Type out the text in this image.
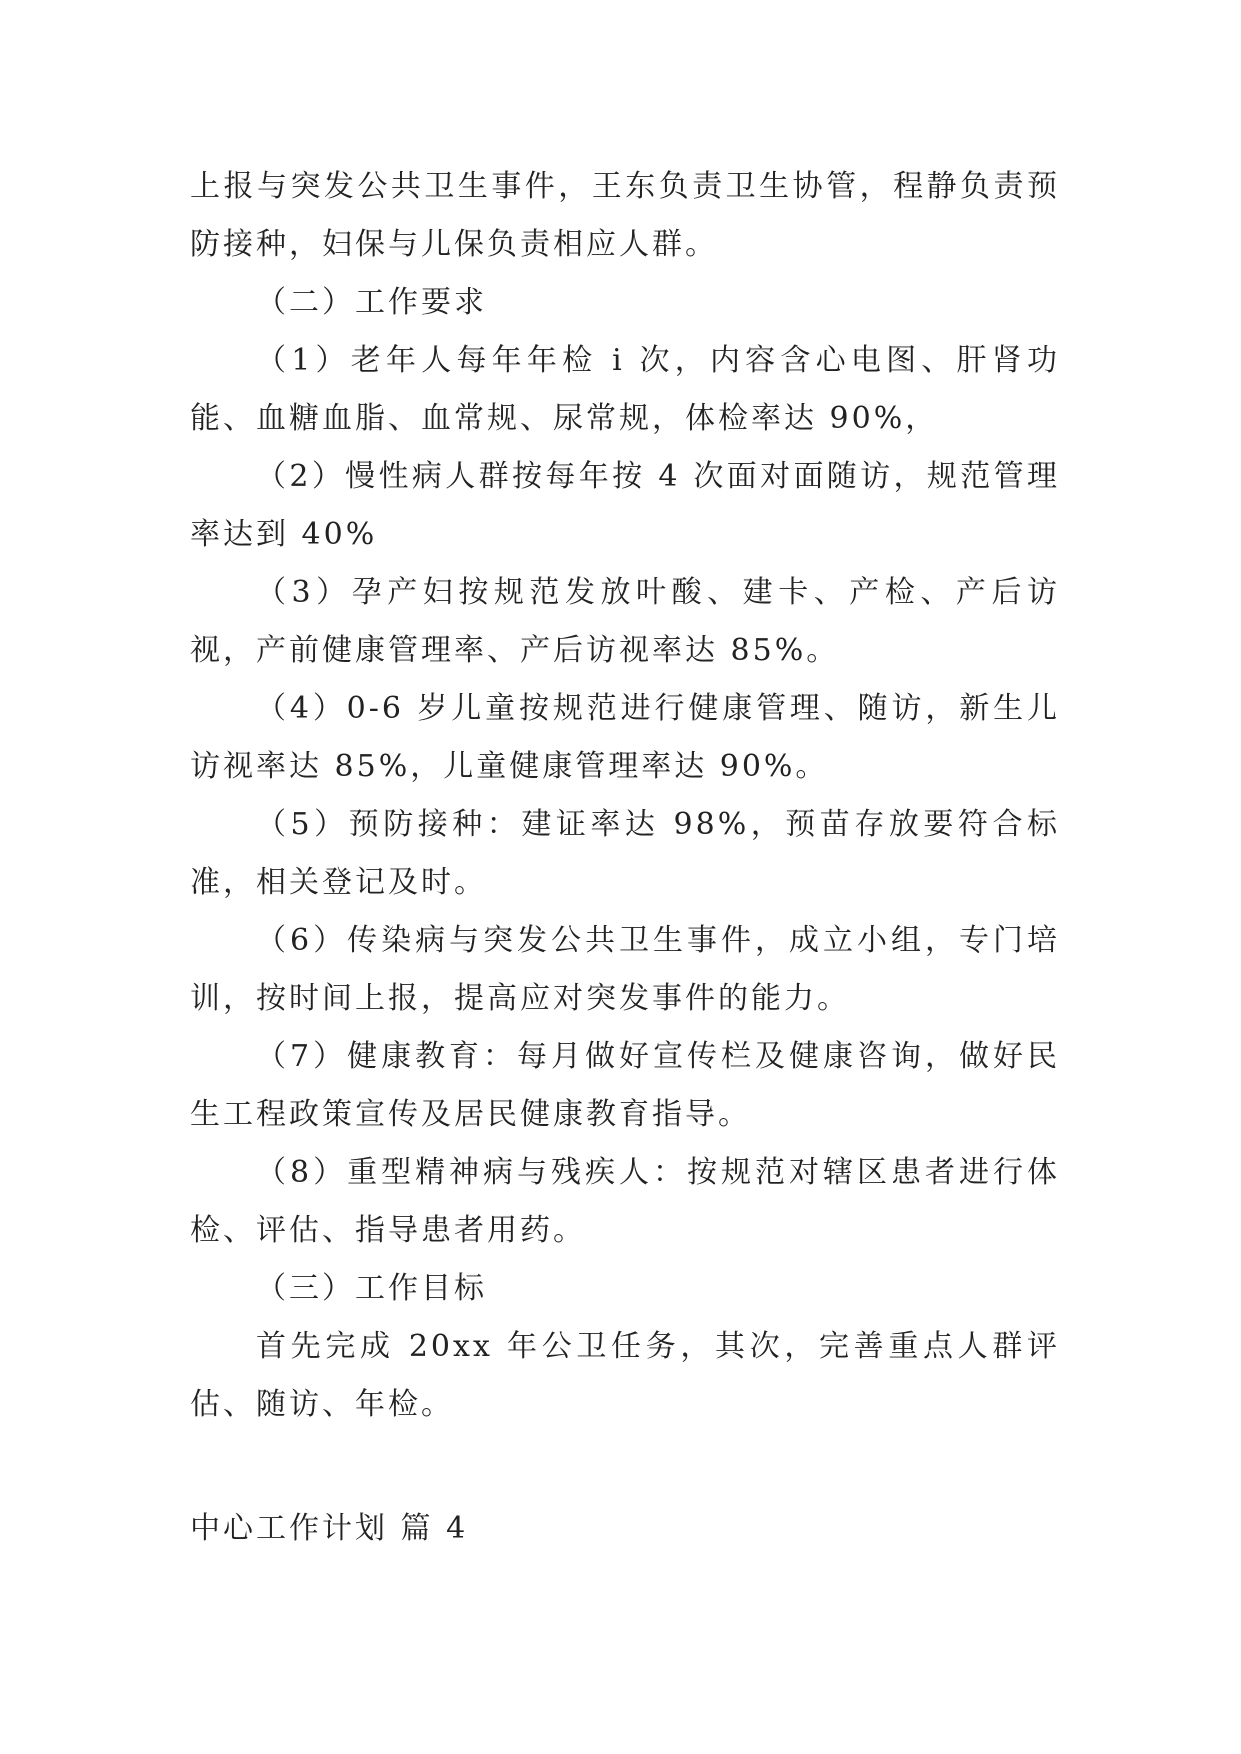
上报与突发公共卫生事件，王东负责卫生协管，程静负责预防接种，妇保与儿保负责相应人群。

（二）工作要求

（1）老年人每年年检 i 次，内容含心电图、肝肾功能、血糖血脂、血常规、尿常规，体检率达 90%，

（2）慢性病人群按每年按 4 次面对面随访，规范管理率达到 40%

（3）孕产妇按规范发放叶酸、建卡、产检、产后访视，产前健康管理率、产后访视率达 85%。

（4）0-6 岁儿童按规范进行健康管理、随访，新生儿访视率达 85%，儿童健康管理率达 90%。

（5）预防接种：建证率达 98%，预苗存放要符合标准，相关登记及时。

（6）传染病与突发公共卫生事件，成立小组，专门培训，按时间上报，提高应对突发事件的能力。

（7）健康教育：每月做好宣传栏及健康咨询，做好民生工程政策宣传及居民健康教育指导。

（8）重型精神病与残疾人：按规范对辖区患者进行体检、评估、指导患者用药。

（三）工作目标

首先完成 20xx 年公卫任务，其次，完善重点人群评估、随访、年检。

中心工作计划 篇 4
